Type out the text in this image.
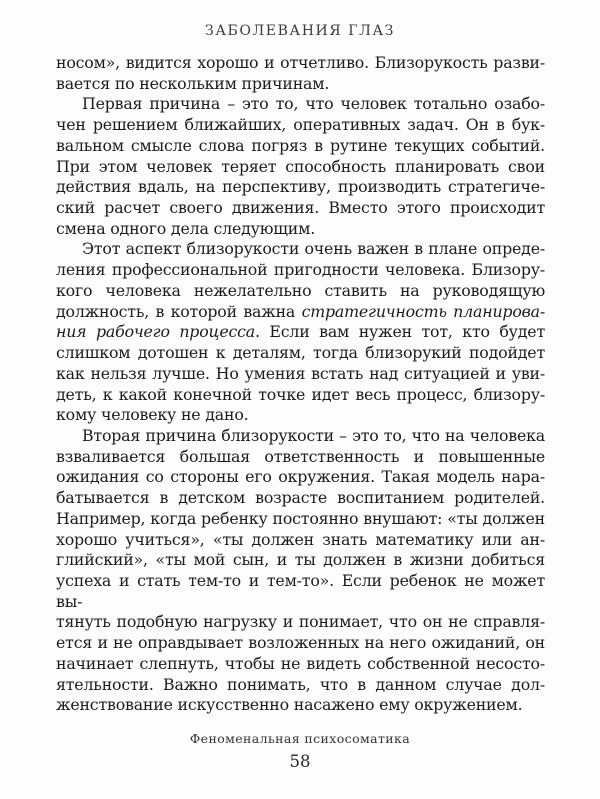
ЗАБОЛЕВАНИЯ ГЛАЗ
носом», видится хорошо и отчетливо. Близорукость разви-
вается по нескольким причинам.
Первая причина – это то, что человек тотально озабо-
чен решением ближайших, оперативных задач. Он в бук-
вальном смысле слова погряз в рутине текущих событий.
При этом человек теряет способность планировать свои
действия вдаль, на перспективу, производить стратегиче-
ский расчет своего движения. Вместо этого происходит
смена одного дела следующим.
Этот аспект близорукости очень важен в плане опреде-
ления профессиональной пригодности человека. Близору-
кого человека нежелательно ставить на руководящую
должность, в которой важна стратегичность планирова-
ния рабочего процесса. Если вам нужен тот, кто будет
слишком дотошен к деталям, тогда близорукий подойдет
как нельзя лучше. Но умения встать над ситуацией и уви-
деть, к какой конечной точке идет весь процесс, близору-
кому человеку не дано.
Вторая причина близорукости – это то, что на человека
взваливается большая ответственность и повышенные
ожидания со стороны его окружения. Такая модель нара-
батывается в детском возрасте воспитанием родителей.
Например, когда ребенку постоянно внушают: «ты должен
хорошо учиться», «ты должен знать математику или ан-
глийский», «ты мой сын, и ты должен в жизни добиться
успеха и стать тем-то и тем-то». Если ребенок не может вы-
тянуть подобную нагрузку и понимает, что он не справля-
ется и не оправдывает возложенных на него ожиданий, он
начинает слепнуть, чтобы не видеть собственной несосто-
ятельности. Важно понимать, что в данном случае дол-
женствование искусственно насажено ему окружением.
Феноменальная психосоматика
58
